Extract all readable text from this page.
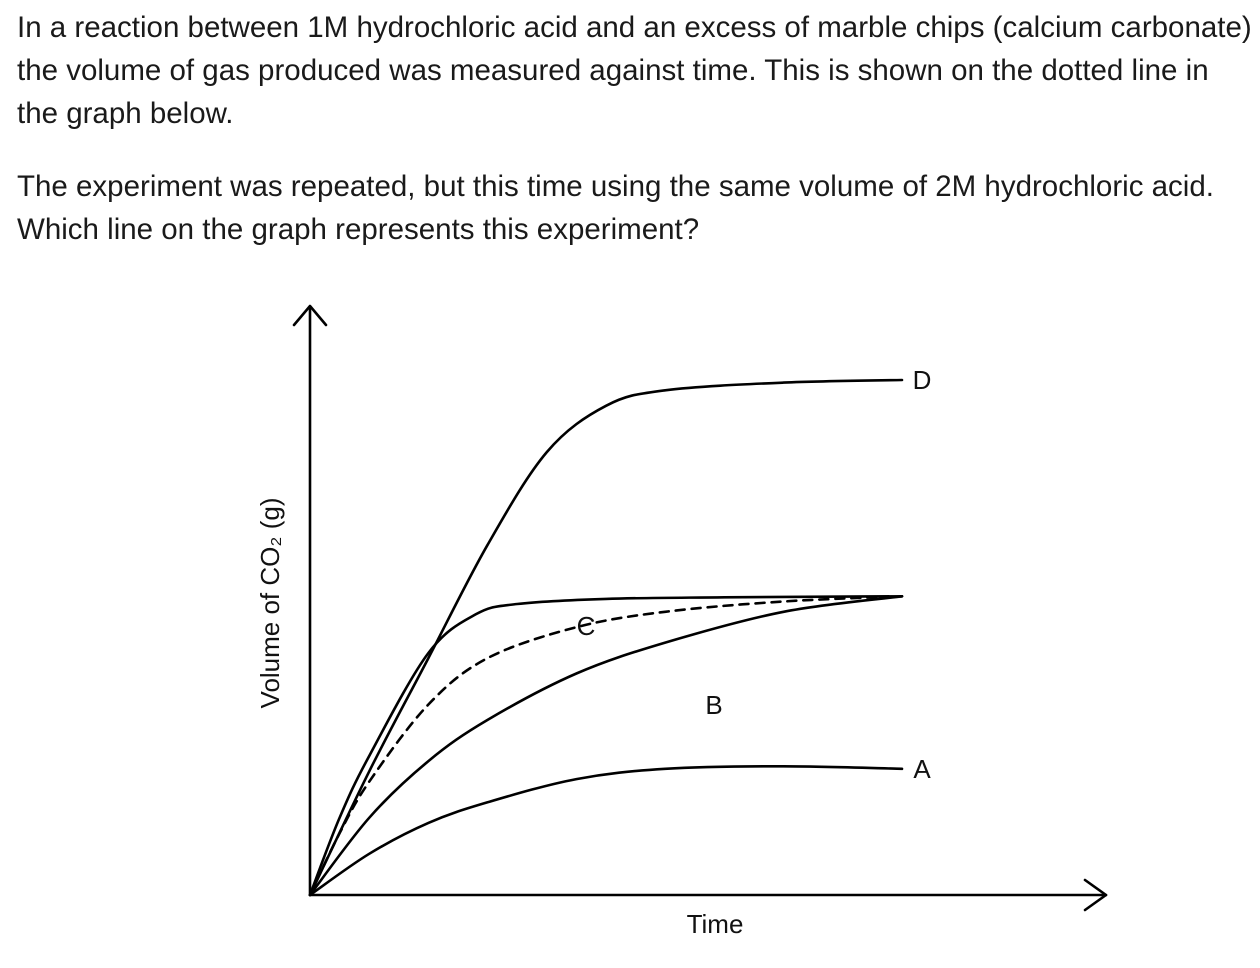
In a reaction between 1M hydrochloric acid and an excess of marble chips (calcium carbonate) the volume of gas produced was measured against time. This is shown on the dotted line in the graph below.

The experiment was repeated, but this time using the same volume of 2M hydrochloric acid. Which line on the graph represents this experiment?

A
B
C
D
Time
Volume of CO₂ (g)
